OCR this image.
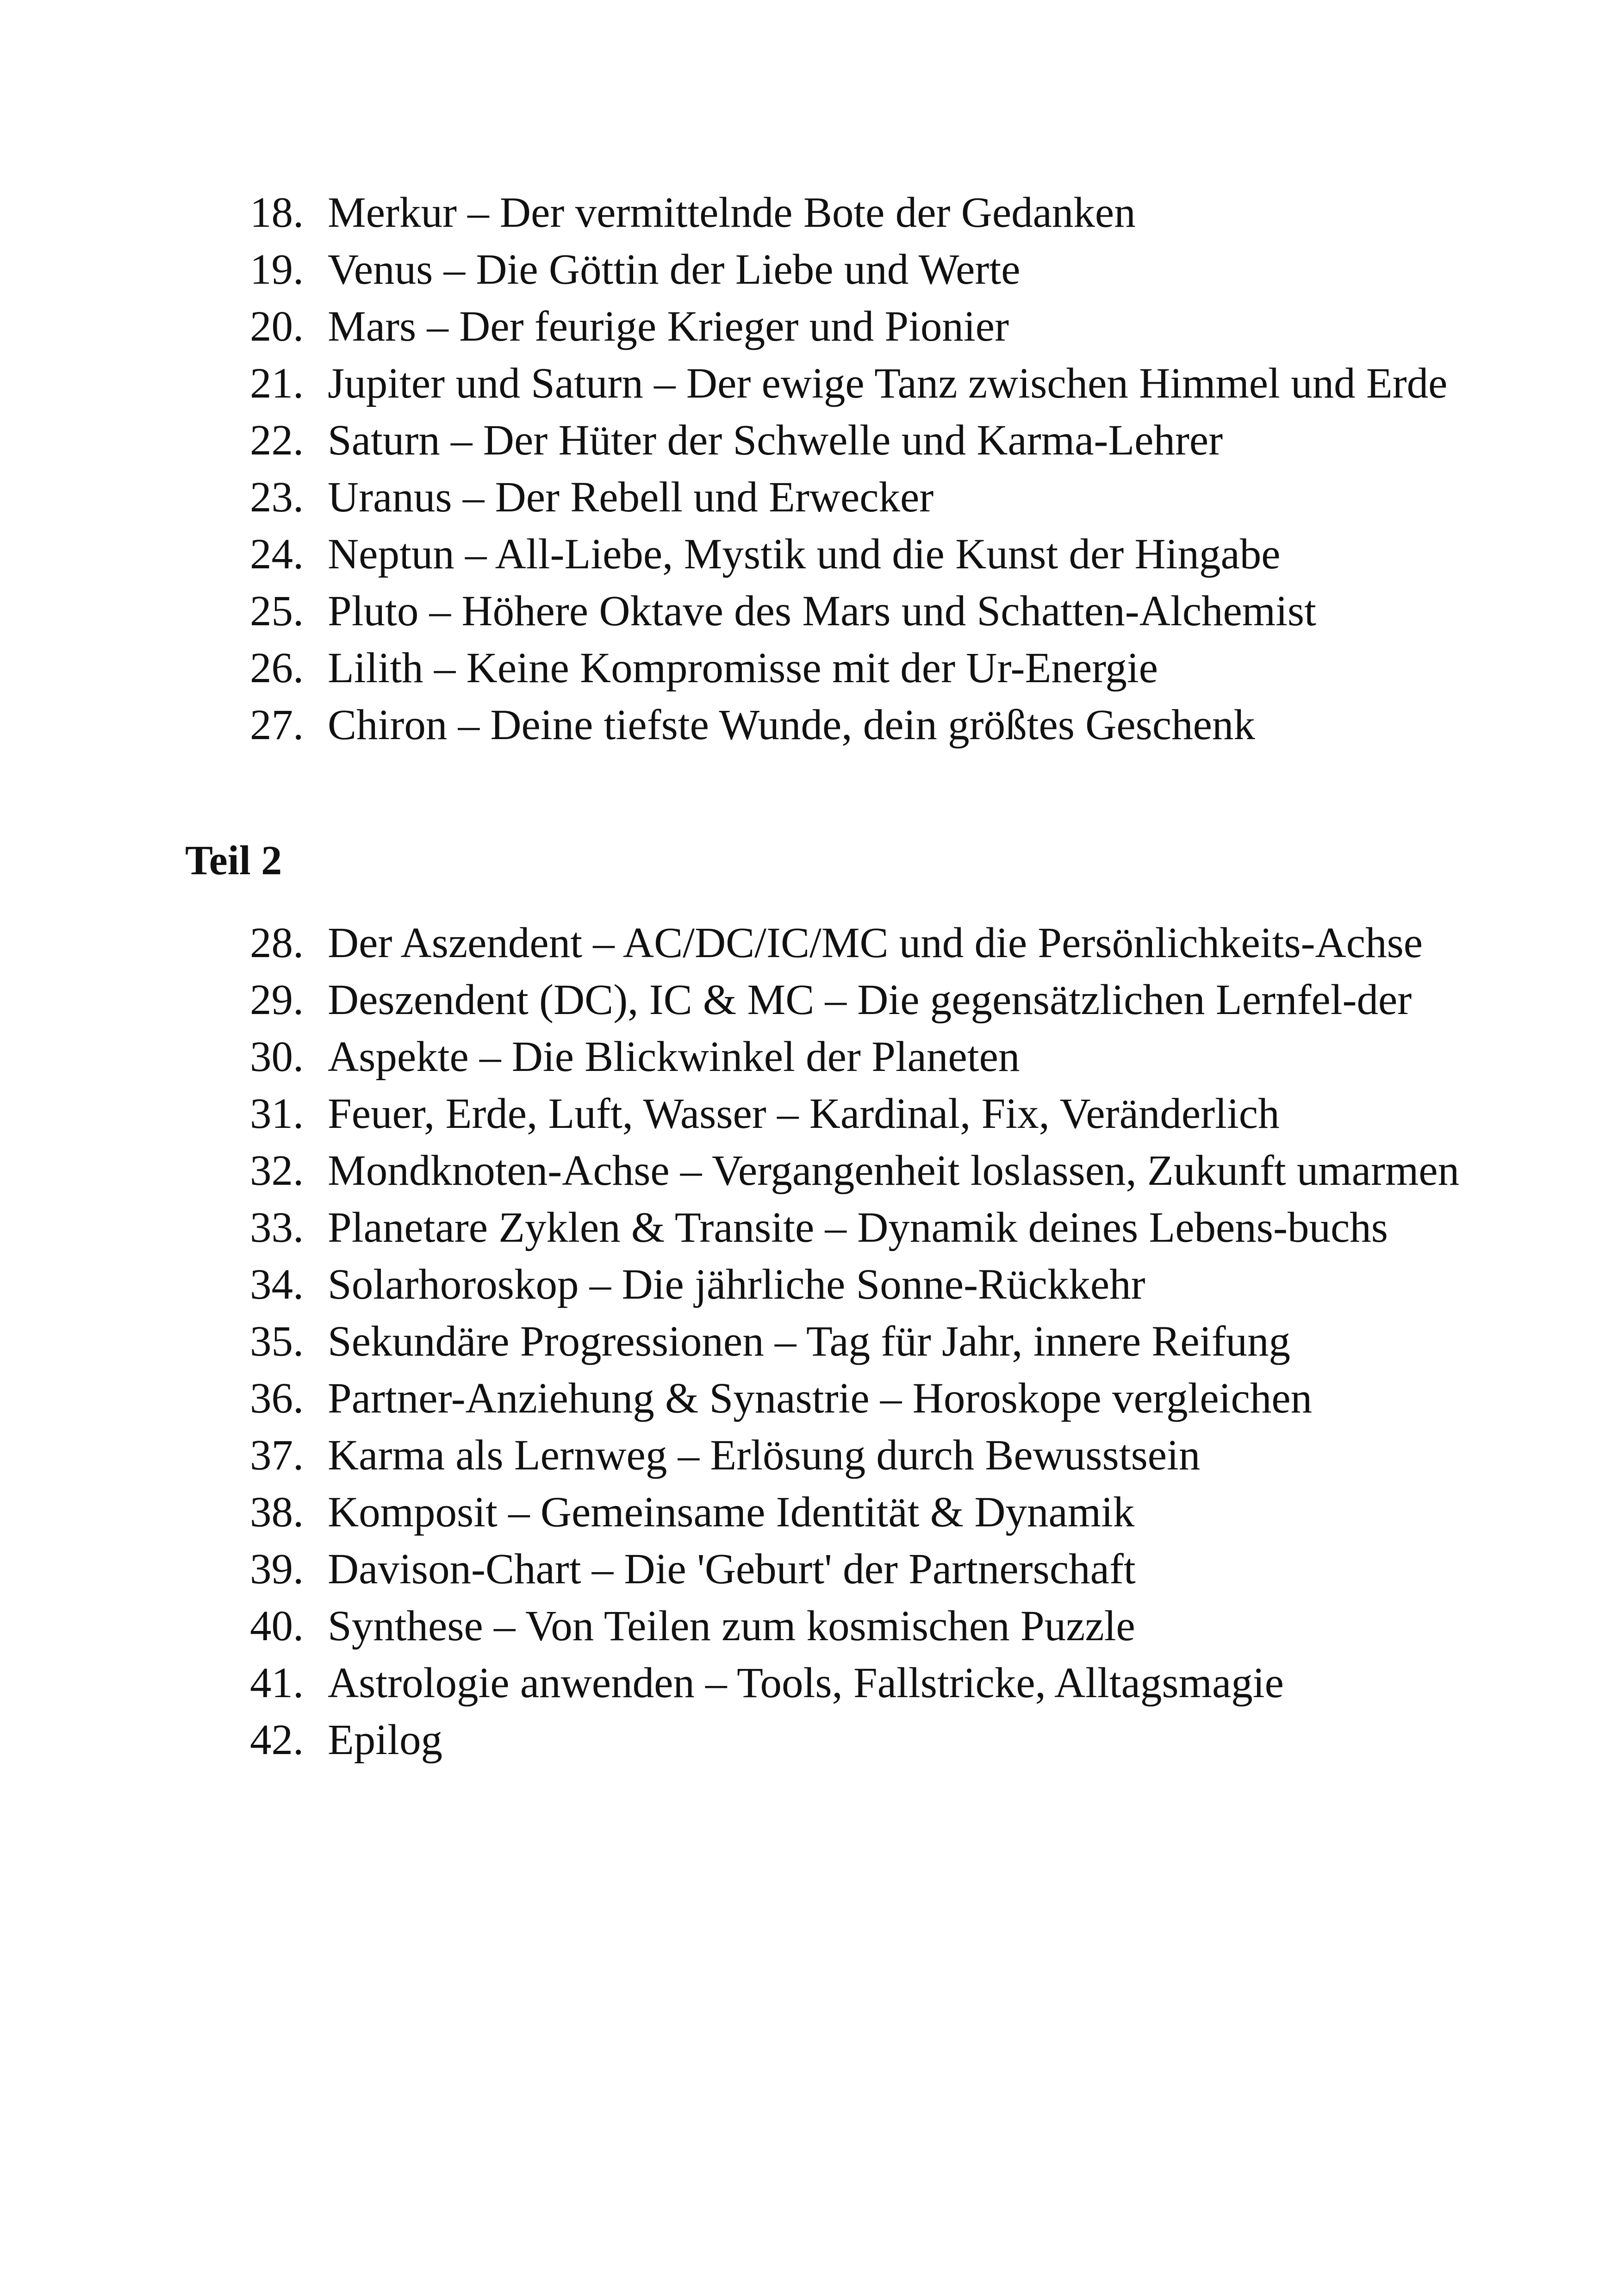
18. Merkur – Der vermittelnde Bote der Gedanken
19. Venus – Die Göttin der Liebe und Werte
20. Mars – Der feurige Krieger und Pionier
21. Jupiter und Saturn – Der ewige Tanz zwischen Himmel und Erde
22. Saturn – Der Hüter der Schwelle und Karma-Lehrer
23. Uranus – Der Rebell und Erwecker
24. Neptun – All-Liebe, Mystik und die Kunst der Hingabe
25. Pluto – Höhere Oktave des Mars und Schatten-Alchemist
26. Lilith – Keine Kompromisse mit der Ur-Energie
27. Chiron – Deine tiefste Wunde, dein größtes Geschenk
Teil 2
28. Der Aszendent – AC/DC/IC/MC und die Persönlichkeits-Achse
29. Deszendent (DC), IC & MC – Die gegensätzlichen Lernfel-der
30. Aspekte – Die Blickwinkel der Planeten
31. Feuer, Erde, Luft, Wasser – Kardinal, Fix, Veränderlich
32. Mondknoten-Achse – Vergangenheit loslassen, Zukunft umarmen
33. Planetare Zyklen & Transite – Dynamik deines Lebens-buchs
34. Solarhoroskop – Die jährliche Sonne-Rückkehr
35. Sekundäre Progressionen – Tag für Jahr, innere Reifung
36. Partner-Anziehung & Synastrie – Horoskope vergleichen
37. Karma als Lernweg – Erlösung durch Bewusstsein
38. Komposit – Gemeinsame Identität & Dynamik
39. Davison-Chart – Die 'Geburt' der Partnerschaft
40. Synthese – Von Teilen zum kosmischen Puzzle
41. Astrologie anwenden – Tools, Fallstricke, Alltagsmagie
42. Epilog
